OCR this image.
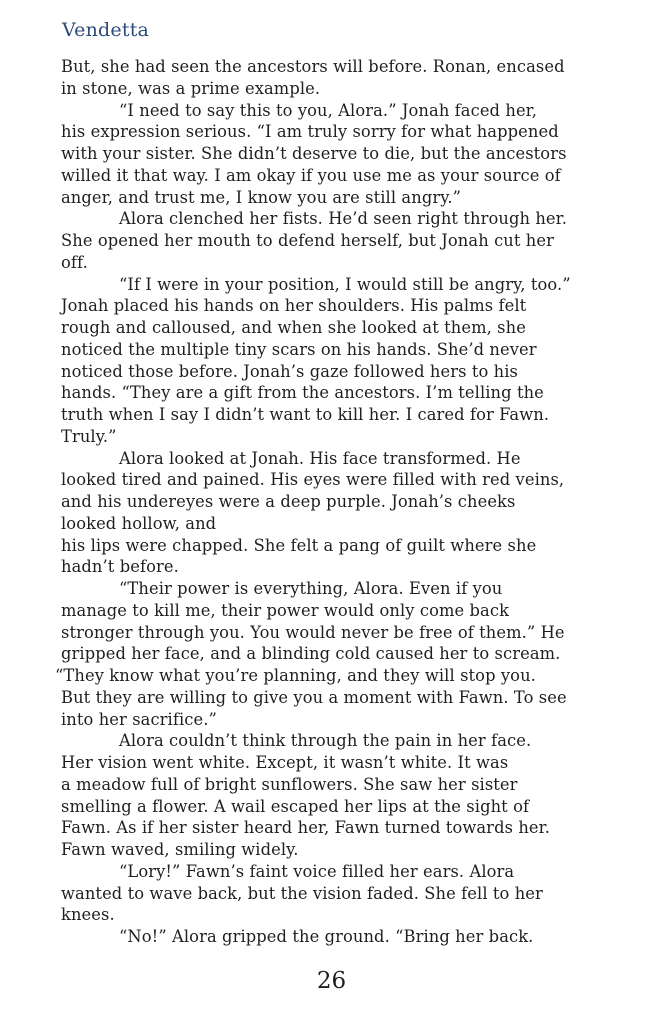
Vendetta
But, she had seen the ancestors will before. Ronan, encased
in stone, was a prime example.
“I need to say this to you, Alora.” Jonah faced her,
his expression serious. “I am truly sorry for what happened
with your sister. She didn’t deserve to die, but the ancestors
willed it that way. I am okay if you use me as your source of
anger, and trust me, I know you are still angry.”
Alora clenched her fists. He’d seen right through her.
She opened her mouth to defend herself, but Jonah cut her
off.
“If I were in your position, I would still be angry, too.”
Jonah placed his hands on her shoulders. His palms felt
rough and calloused, and when she looked at them, she
noticed the multiple tiny scars on his hands. She’d never
noticed those before. Jonah’s gaze followed hers to his
hands. “They are a gift from the ancestors. I’m telling the
truth when I say I didn’t want to kill her. I cared for Fawn.
Truly.”
Alora looked at Jonah. His face transformed. He
looked tired and pained. His eyes were filled with red veins,
and his undereyes were a deep purple. Jonah’s cheeks
looked hollow, and
his lips were chapped. She felt a pang of guilt where she
hadn’t before.
“Their power is everything, Alora. Even if you
manage to kill me, their power would only come back
stronger through you. You would never be free of them.” He
gripped her face, and a blinding cold caused her to scream.
“They know what you’re planning, and they will stop you.
But they are willing to give you a moment with Fawn. To see
into her sacrifice.”
Alora couldn’t think through the pain in her face.
Her vision went white. Except, it wasn’t white. It was
a meadow full of bright sunflowers. She saw her sister
smelling a flower. A wail escaped her lips at the sight of
Fawn. As if her sister heard her, Fawn turned towards her.
Fawn waved, smiling widely.
“Lory!” Fawn’s faint voice filled her ears. Alora
wanted to wave back, but the vision faded. She fell to her
knees.
“No!” Alora gripped the ground. “Bring her back.
26
